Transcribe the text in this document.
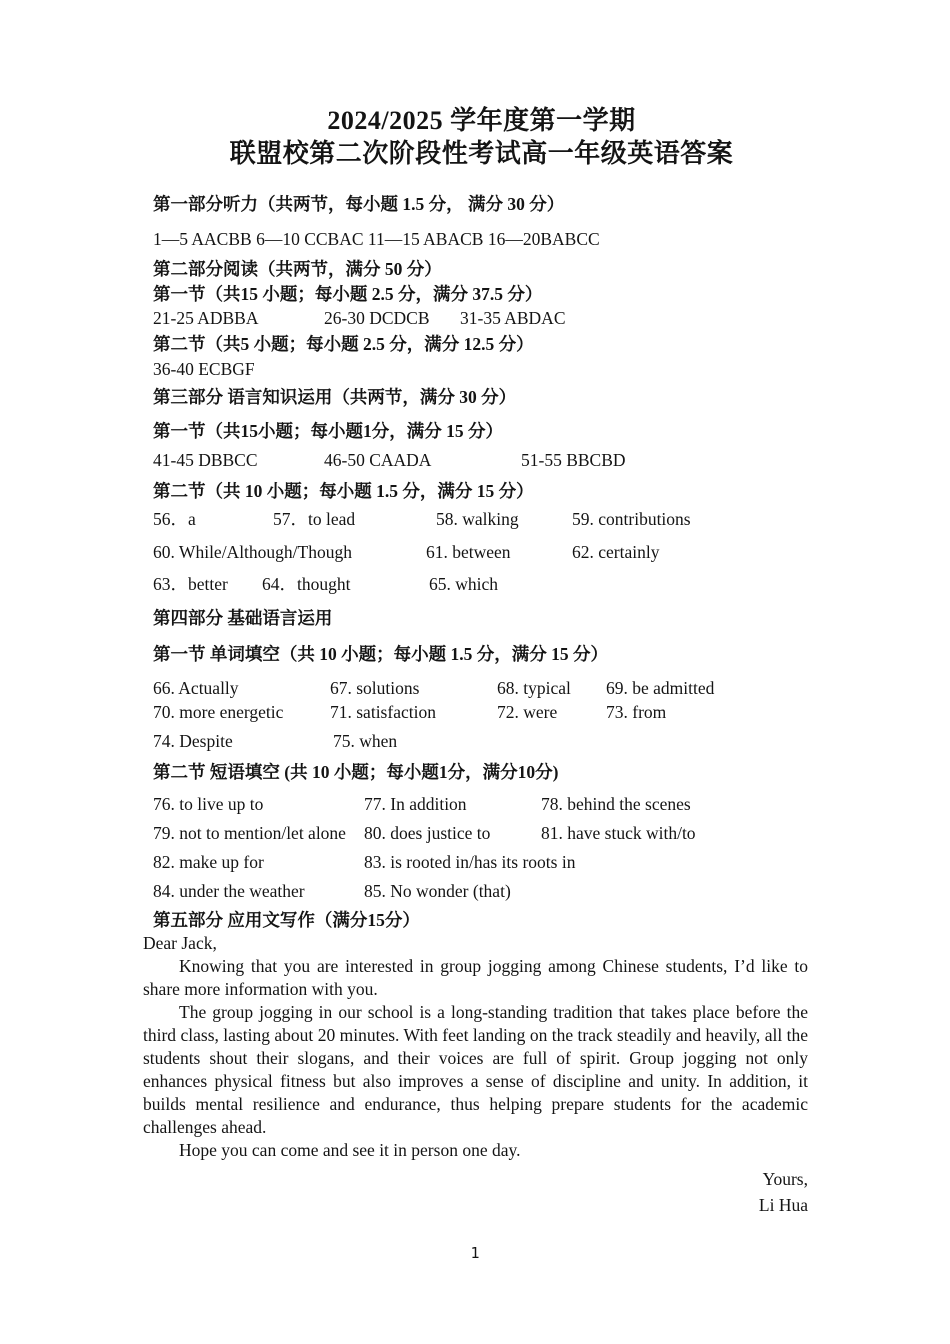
2024/2025 学年度第一学期
联盟校第二次阶段性考试高一年级英语答案
第一部分听力（共两节，每小题 1.5 分， 满分 30 分）
1—5 AACBB 6—10 CCBAC 11—15 ABACB 16—20BABCC
第二部分阅读（共两节，满分 50 分）
第一节（共15 小题；每小题 2.5 分，满分 37.5 分）
21-25 ADBBA	26-30 DCDCB 31-35 ABDAC
第二节（共5 小题；每小题 2.5 分，满分 12.5 分）
36-40 ECBGF
第三部分 语言知识运用（共两节，满分 30 分）
第一节（共15小题；每小题1分，满分 15 分）
41-45 DBBCC	46-50 CAADA	51-55 BBCBD
第二节（共 10 小题；每小题 1.5 分，满分 15 分）
56．a	57．to lead	58. walking	59. contributions
60. While/Although/Though	61. between	62. certainly
63．better 64．thought	65. which
第四部分 基础语言运用
第一节 单词填空（共 10 小题；每小题 1.5 分，满分 15 分）
66. Actually	67. solutions	68. typical 69. be admitted
70. more energetic	71. satisfaction	72. were	73. from
74. Despite	75. when
第二节 短语填空 (共 10 小题；每小题1分，满分10分)
76. to live up to	77. In addition	78. behind the scenes
79. not to mention/let alone 80. does justice to	81. have stuck with/to
82. make up for	83. is rooted in/has its roots in
84. under the weather	85. No wonder (that)
第五部分 应用文写作（满分15分）

Dear Jack,

Knowing that you are interested in group jogging among Chinese students, I’d like to share more information with you.

The group jogging in our school is a long-standing tradition that takes place before the third class, lasting about 20 minutes. With feet landing on the track steadily and heavily, all the students shout their slogans, and their voices are full of spirit. Group jogging not only enhances physical fitness but also improves a sense of discipline and unity. In addition, it builds mental resilience and endurance, thus helping prepare students for the academic challenges ahead.

Hope you can come and see it in person one day.

Yours,
Li Hua
1
